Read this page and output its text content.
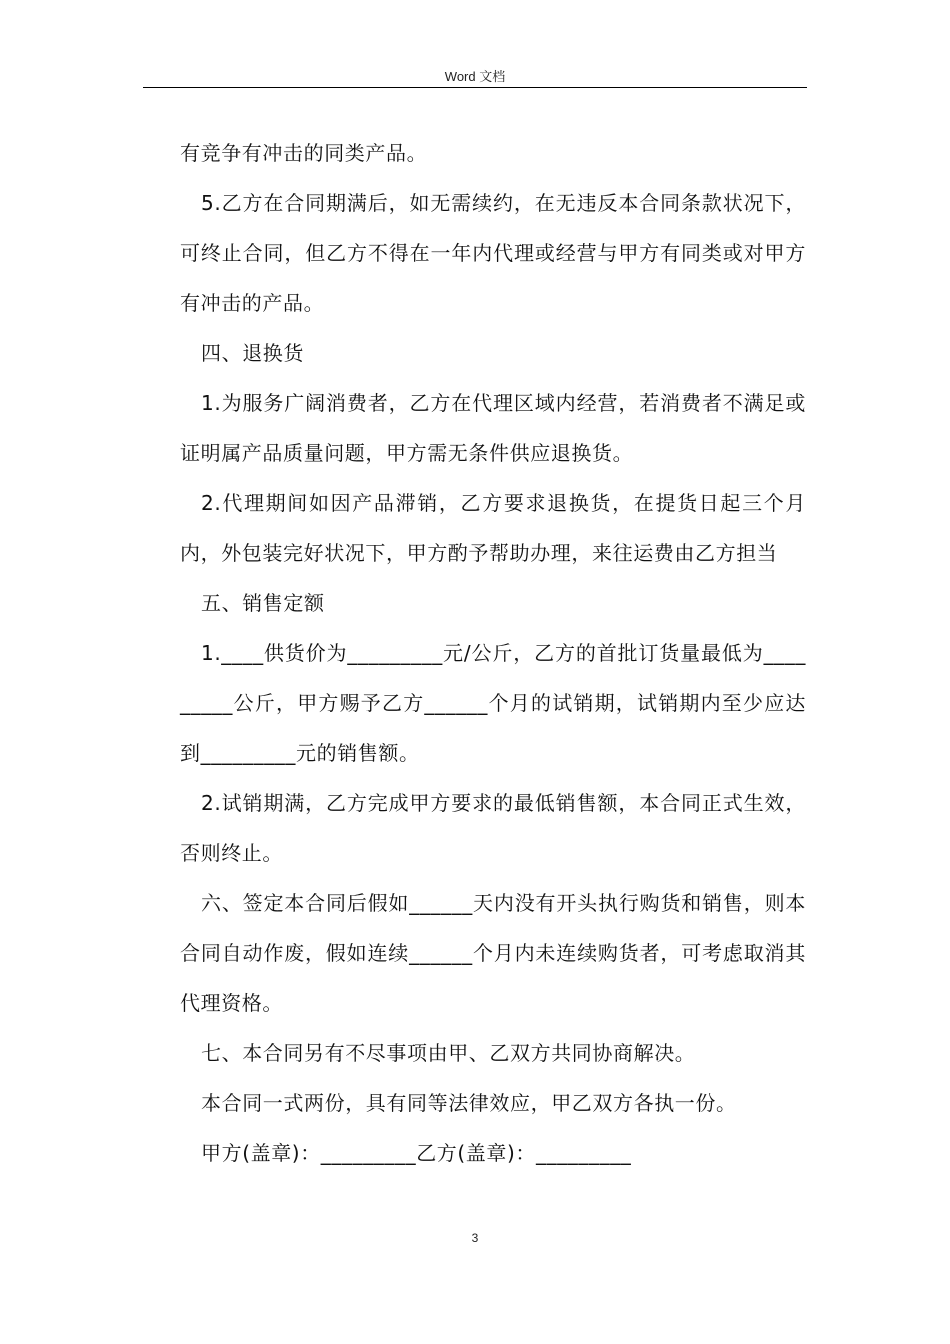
Word 文档

有竞争有冲击的同类产品。

5.乙方在合同期满后，如无需续约，在无违反本合同条款状况下，可终止合同，但乙方不得在一年内代理或经营与甲方有同类或对甲方有冲击的产品。

四、退换货

1.为服务广阔消费者，乙方在代理区域内经营，若消费者不满足或证明属产品质量问题，甲方需无条件供应退换货。

2.代理期间如因产品滞销，乙方要求退换货，在提货日起三个月内，外包装完好状况下，甲方酌予帮助办理，来往运费由乙方担当

五、销售定额

1.____供货价为_________元/公斤，乙方的首批订货量最低为_________公斤，甲方赐予乙方______个月的试销期，试销期内至少应达到_________元的销售额。

2.试销期满，乙方完成甲方要求的最低销售额，本合同正式生效，否则终止。

六、签定本合同后假如______天内没有开头执行购货和销售，则本合同自动作废，假如连续______个月内未连续购货者，可考虑取消其代理资格。

七、本合同另有不尽事项由甲、乙双方共同协商解决。

本合同一式两份，具有同等法律效应，甲乙双方各执一份。

甲方(盖章)：_________乙方(盖章)：_________

3
